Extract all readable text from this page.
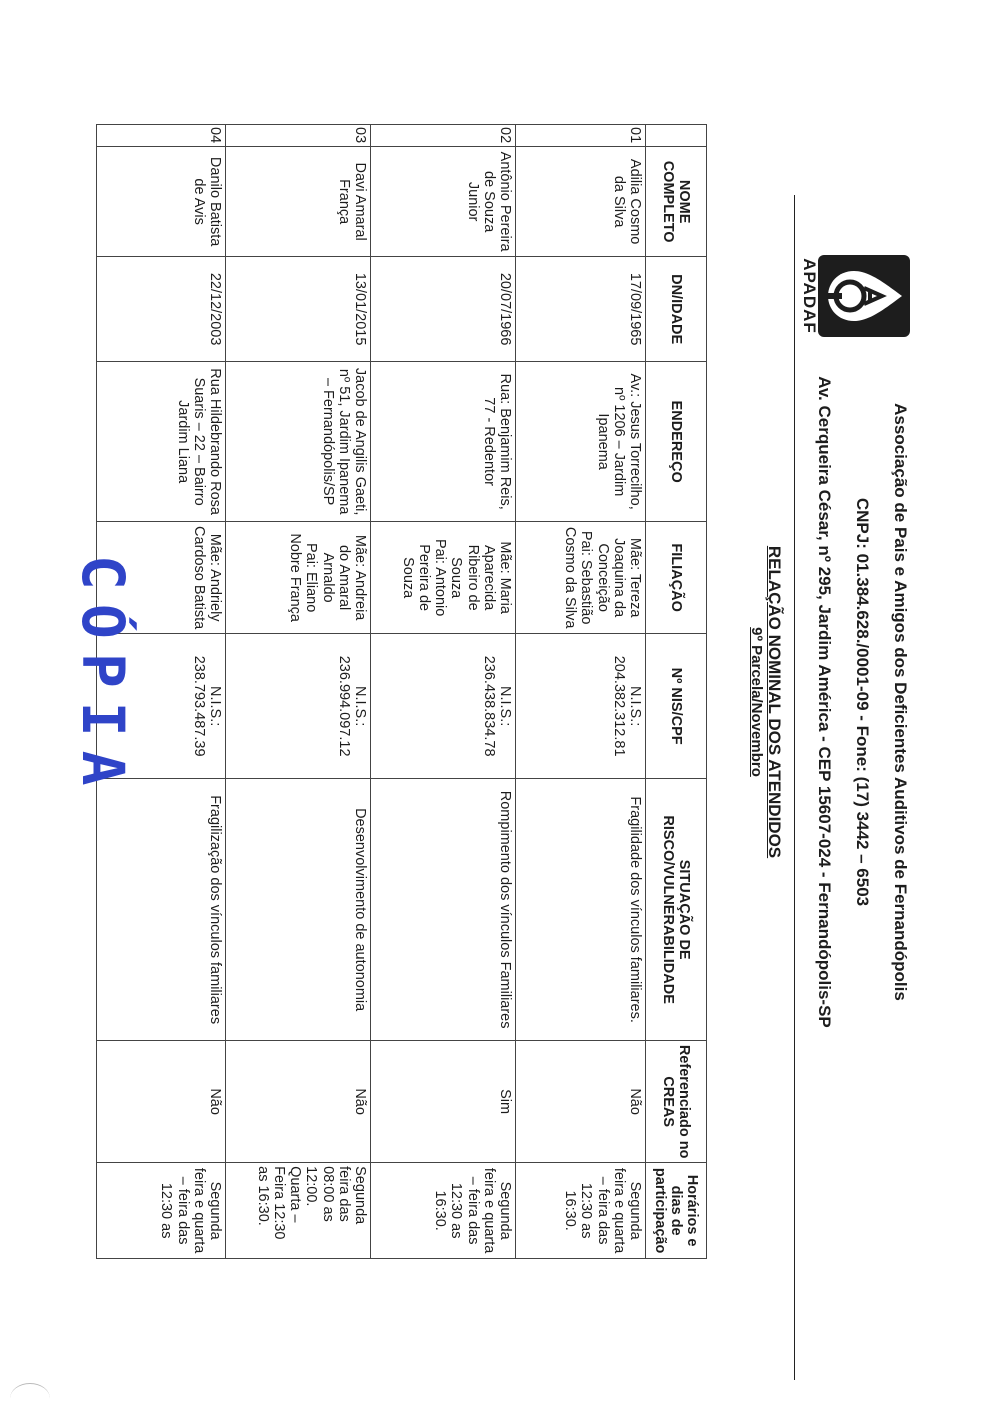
APADAF
Associação de Pais e Amigos dos Deficientes Auditivos de Fernandópolis
CNPJ: 01.384.628./0001-09 - Fone: (17) 3442 – 6503
Av. Cerqueira César, nº 295, Jardim América - CEP 15607-024 - Fernandópolis-SP
RELAÇÃO NOMINAL DOS ATENDIDOS
9º Parcela/Novembro
	NOME COMPLETO	DN/IDADE	ENDEREÇO	FILIAÇÃO	Nº NIS/CPF	SITUAÇÃO DE RISCO/VULNERABILIDADE	Referenciado no CREAS	Horários e dias de participação
01	Adilia Cosmo da Silva	17/09/1965	Av.: Jesus Torrecilho, nº 1206 – Jardim Ipanema	Mãe: Tereza Joaquina da Conceição
Pai: Sebastião Cosmo da Silva	N.I.S.: 204.382.312.81	Fragilidade dos vínculos familiares.	Não	Segunda feira e quarta – feira das 12:30 as 16:30.
02	Antônio Pereira de Souza Junior	20/07/1966	Rua: Benjamim Reis, 77 - Redentor	Mãe: Maria Aparecida Ribeiro de Souza
Pai: Antonio Pereira de Souza	N.I.S.: 236.438.834.78	Rompimento dos vínculos Familiares	Sim	Segunda feira e quarta – feira das 12:30 as 16:30.
03	Davi Amaral França	13/01/2015	Jacob de Angilis Gaeti, nº 51, Jardim Ipanema – Fernandópolis/SP	Mãe: Andreia do Amaral
Arnaldo
Pai: Eliano Nobre França	N.I.S.: 236.994.097.12	Desenvolvimento de autonomia	Não	Segunda feira das 08:00 as 12:00.
Quarta – Feira 12:30 as 16:30.
04	Danilo Batista de Avis	22/12/2003	Rua Hildebrando Rosa Suaris – 22 – Bairro Jardim Liana	Mãe: Andriely Cardoso Batista	N.I.S.: 238.793.487.39	Fragilização dos vínculos familiares	Não	Segunda feira e quarta – feira das 12:30 as
CÓPIA
